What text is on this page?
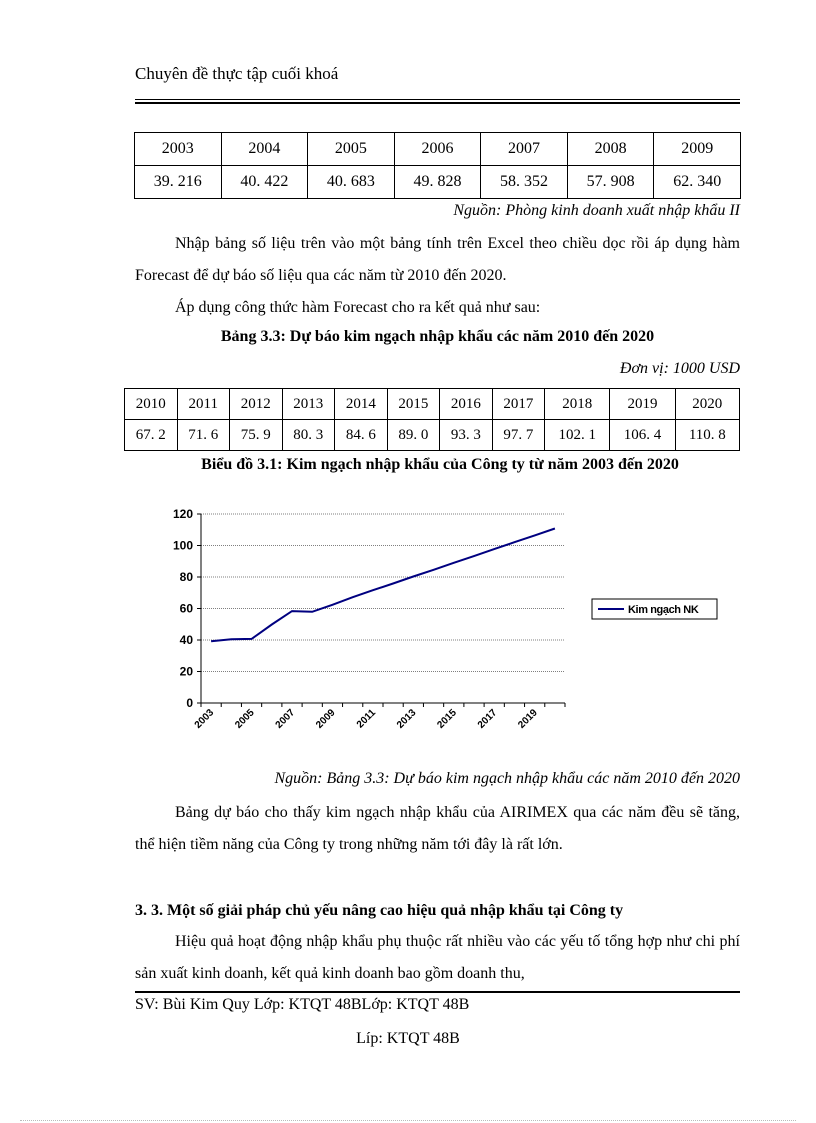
Chuyên đề thực tập cuối khoá
2003	2004	2005	2006	2007	2008	2009
39. 216	40. 422	40. 683	49. 828	58. 352	57. 908	62. 340
Nguồn: Phòng kinh doanh xuất nhập khẩu II
Nhập bảng số liệu trên vào một bảng tính trên Excel theo chiều dọc rồi áp dụng hàm Forecast để dự báo số liệu qua các năm từ 2010 đến 2020.
Áp dụng công thức hàm Forecast cho ra kết quả như sau:
Bảng 3.3: Dự báo kim ngạch nhập khẩu các năm 2010 đến 2020
Đơn vị: 1000 USD
2010	2011	2012	2013	2014	2015	2016	2017	2018	2019	2020
67. 2	71. 6	75. 9	80. 3	84. 6	89. 0	93. 3	97. 7	102. 1	106. 4	110. 8
Biểu đồ 3.1: Kim ngạch nhập khẩu của Công ty từ năm 2003 đến 2020
0
20
40
60
80
100
120
2003 2005 2007 2009 2011 2013 2015 2017 2019
Kim ngạch NK
Nguồn: Bảng 3.3: Dự báo kim ngạch nhập khẩu các năm 2010 đến 2020
Bảng dự báo cho thấy kim ngạch nhập khẩu của AIRIMEX qua các năm đều sẽ tăng, thể hiện tiềm năng của Công ty trong những năm tới đây là rất lớn.
3. 3. Một số giải pháp chủ yếu nâng cao hiệu quả nhập khẩu tại Công ty
Hiệu quả hoạt động nhập khẩu phụ thuộc rất nhiều vào các yếu tố tổng hợp như chi phí sản xuất kinh doanh, kết quả kinh doanh bao gồm doanh thu,
SV: Bùi Kim Quy Lớp: KTQT 48BLớp: KTQT 48B
Líp: KTQT 48B
